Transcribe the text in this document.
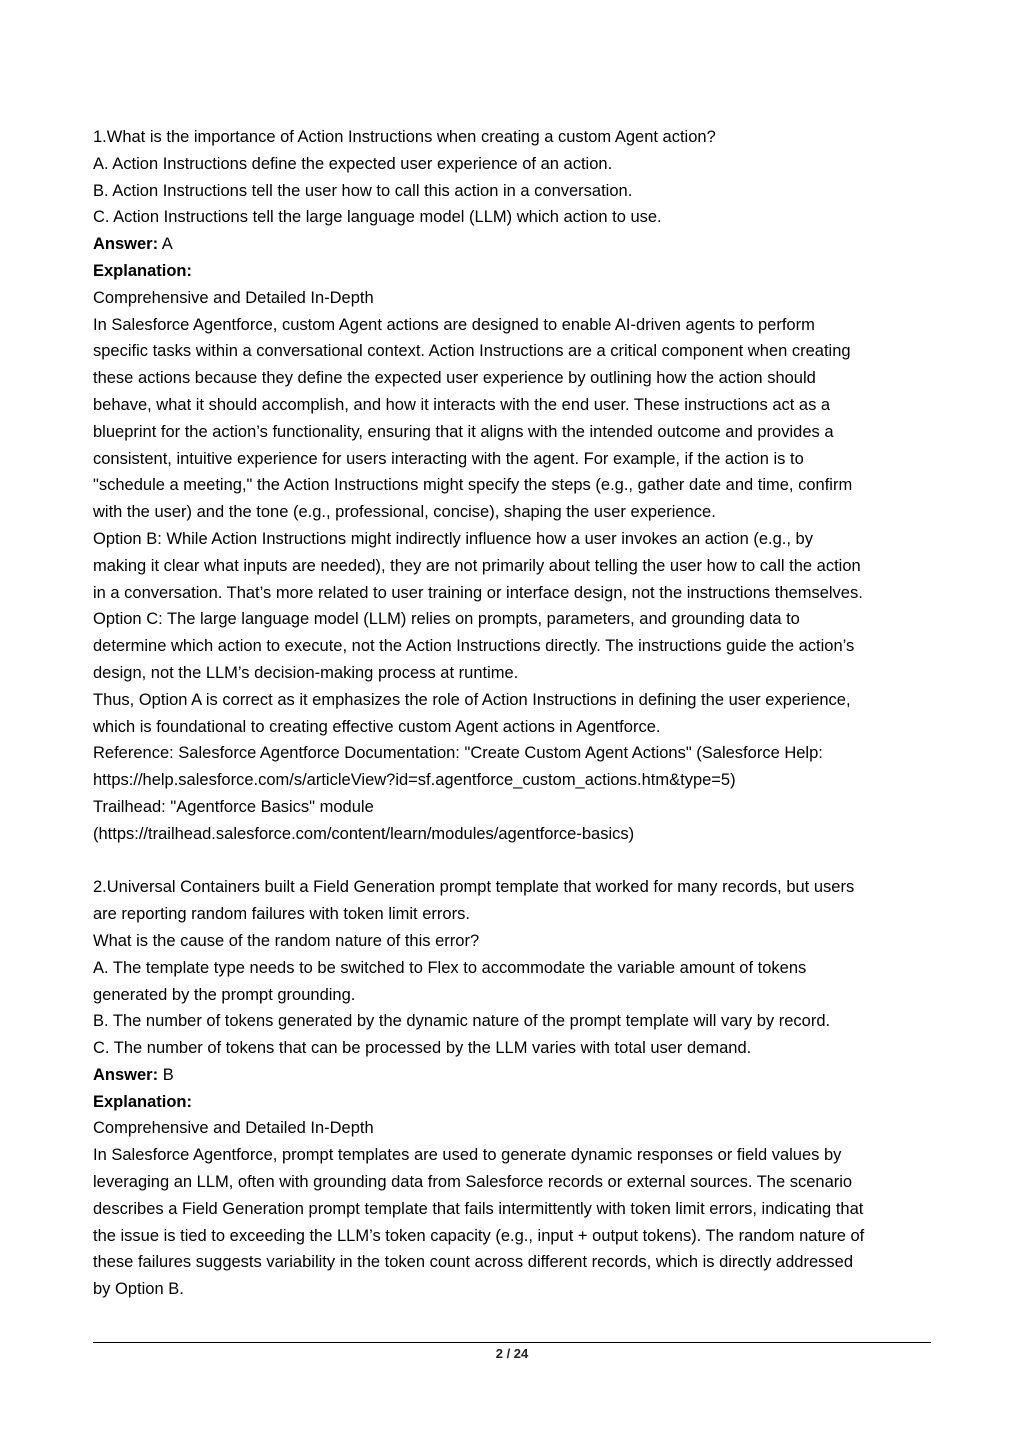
1.What is the importance of Action Instructions when creating a custom Agent action?
A. Action Instructions define the expected user experience of an action.
B. Action Instructions tell the user how to call this action in a conversation.
C. Action Instructions tell the large language model (LLM) which action to use.
Answer: A
Explanation:
Comprehensive and Detailed In-Depth
In Salesforce Agentforce, custom Agent actions are designed to enable AI-driven agents to perform
specific tasks within a conversational context. Action Instructions are a critical component when creating
these actions because they define the expected user experience by outlining how the action should
behave, what it should accomplish, and how it interacts with the end user. These instructions act as a
blueprint for the action’s functionality, ensuring that it aligns with the intended outcome and provides a
consistent, intuitive experience for users interacting with the agent. For example, if the action is to
"schedule a meeting," the Action Instructions might specify the steps (e.g., gather date and time, confirm
with the user) and the tone (e.g., professional, concise), shaping the user experience.
Option B: While Action Instructions might indirectly influence how a user invokes an action (e.g., by
making it clear what inputs are needed), they are not primarily about telling the user how to call the action
in a conversation. That’s more related to user training or interface design, not the instructions themselves.
Option C: The large language model (LLM) relies on prompts, parameters, and grounding data to
determine which action to execute, not the Action Instructions directly. The instructions guide the action’s
design, not the LLM’s decision-making process at runtime.
Thus, Option A is correct as it emphasizes the role of Action Instructions in defining the user experience,
which is foundational to creating effective custom Agent actions in Agentforce.
Reference: Salesforce Agentforce Documentation: "Create Custom Agent Actions" (Salesforce Help:
https://help.salesforce.com/s/articleView?id=sf.agentforce_custom_actions.htm&type=5)
Trailhead: "Agentforce Basics" module
(https://trailhead.salesforce.com/content/learn/modules/agentforce-basics)
2.Universal Containers built a Field Generation prompt template that worked for many records, but users
are reporting random failures with token limit errors.
What is the cause of the random nature of this error?
A. The template type needs to be switched to Flex to accommodate the variable amount of tokens
generated by the prompt grounding.
B. The number of tokens generated by the dynamic nature of the prompt template will vary by record.
C. The number of tokens that can be processed by the LLM varies with total user demand.
Answer: B
Explanation:
Comprehensive and Detailed In-Depth
In Salesforce Agentforce, prompt templates are used to generate dynamic responses or field values by
leveraging an LLM, often with grounding data from Salesforce records or external sources. The scenario
describes a Field Generation prompt template that fails intermittently with token limit errors, indicating that
the issue is tied to exceeding the LLM’s token capacity (e.g., input + output tokens). The random nature of
these failures suggests variability in the token count across different records, which is directly addressed
by Option B.
2 / 24
